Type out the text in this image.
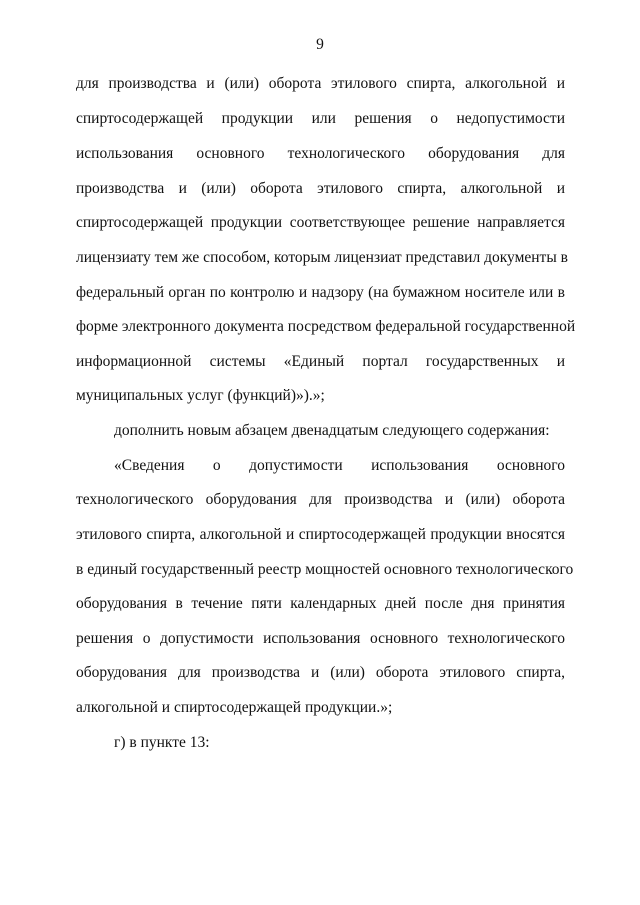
9
для производства и (или) оборота этилового спирта, алкогольной и
спиртосодержащей продукции или решения о недопустимости
использования основного технологического оборудования для
производства и (или) оборота этилового спирта, алкогольной и
спиртосодержащей продукции соответствующее решение направляется
лицензиату тем же способом, которым лицензиат представил документы в
федеральный орган по контролю и надзору (на бумажном носителе или в
форме электронного документа посредством федеральной государственной
информационной системы «Единый портал государственных и
муниципальных услуг (функций)»).»;
дополнить новым абзацем двенадцатым следующего содержания:
«Сведения о допустимости использования основного
технологического оборудования для производства и (или) оборота
этилового спирта, алкогольной и спиртосодержащей продукции вносятся
в единый государственный реестр мощностей основного технологического
оборудования в течение пяти календарных дней после дня принятия
решения о допустимости использования основного технологического
оборудования для производства и (или) оборота этилового спирта,
алкогольной и спиртосодержащей продукции.»;
г) в пункте 13:
